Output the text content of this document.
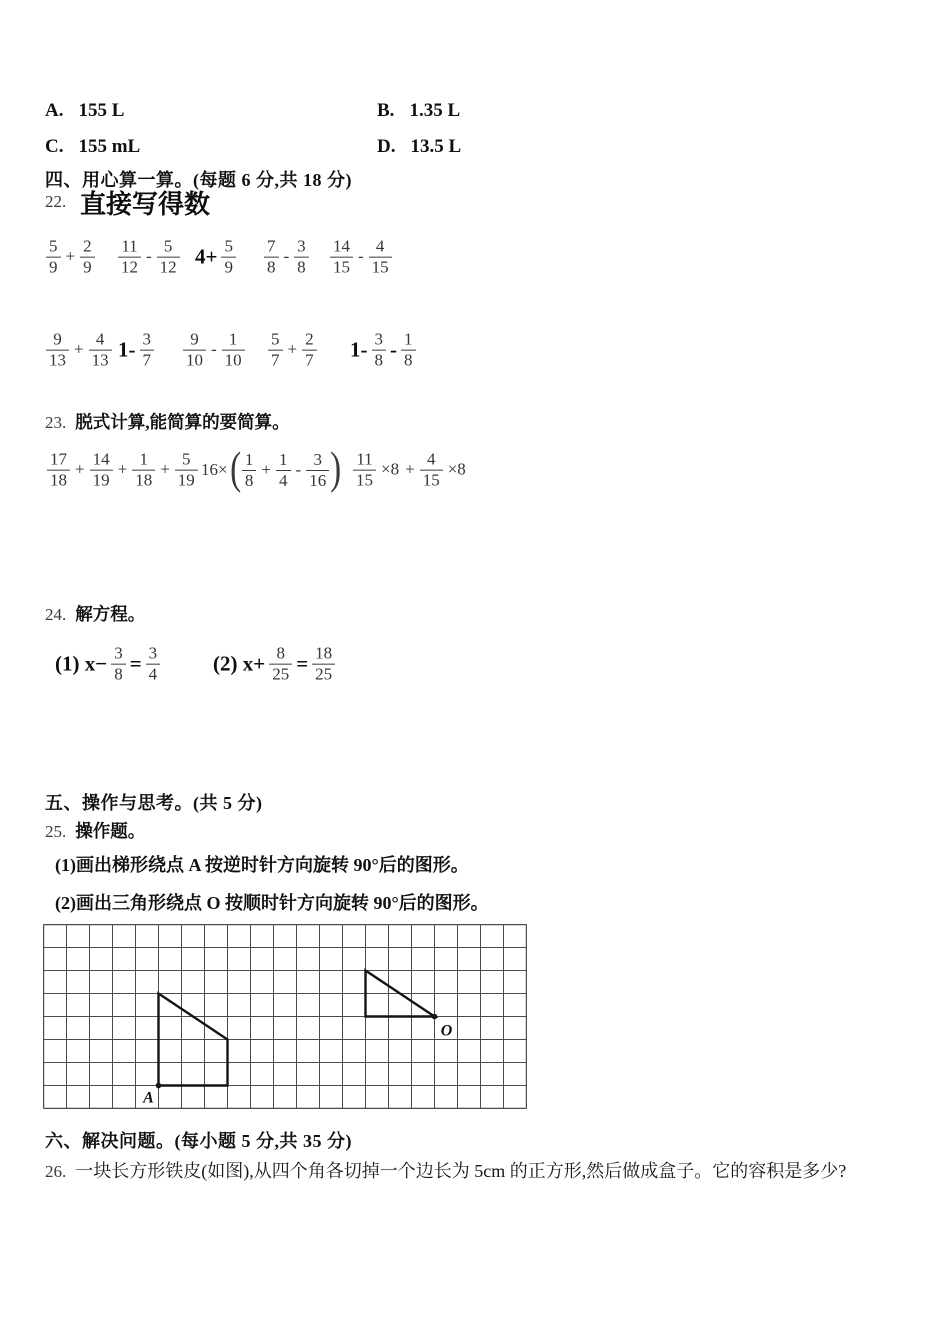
A. 155 L	B. 1.35 L
C. 155 mL	D. 13.5 L
四、用心算一算。(每题 6 分,共 18 分)
22. 直接写得数
$\frac{5}{9} + \frac{2}{9} \frac{11}{12} - \frac{5}{12} 4+ \frac{5}{9} \frac{7}{8} - \frac{3}{8} \frac{14}{15} - \frac{4}{15}$
$\frac{9}{13} + \frac{4}{13} 1- \frac{3}{7} \frac{9}{10} - \frac{1}{10} \frac{5}{7} + \frac{2}{7} 1- \frac{3}{8} - \frac{1}{8}$
23. 脱式计算,能简算的要简算。
$\frac{17}{18} + \frac{14}{19} + \frac{1}{18} + \frac{5}{19} 16\times$ ( $\frac{1}{8} + \frac{1}{4} - \frac{3}{16}$ ) $\frac{11}{15} \times 8 + \frac{4}{15} \times 8$
24. 解方程。
(1) $x- \frac{3}{8} = \frac{3}{4}$	(2) $x+ \frac{8}{25} = \frac{18}{25}$
五、操作与思考。(共 5 分)
25. 操作题。
(1)画出梯形绕点 A 按逆时针方向旋转 90°后的图形。
(2)画出三角形绕点 O 按顺时针方向旋转 90°后的图形。
A
O
六、解决问题。(每小题 5 分,共 35 分)
26. 一块长方形铁皮(如图),从四个角各切掉一个边长为 5cm 的正方形,然后做成盒子。它的容积是多少?
